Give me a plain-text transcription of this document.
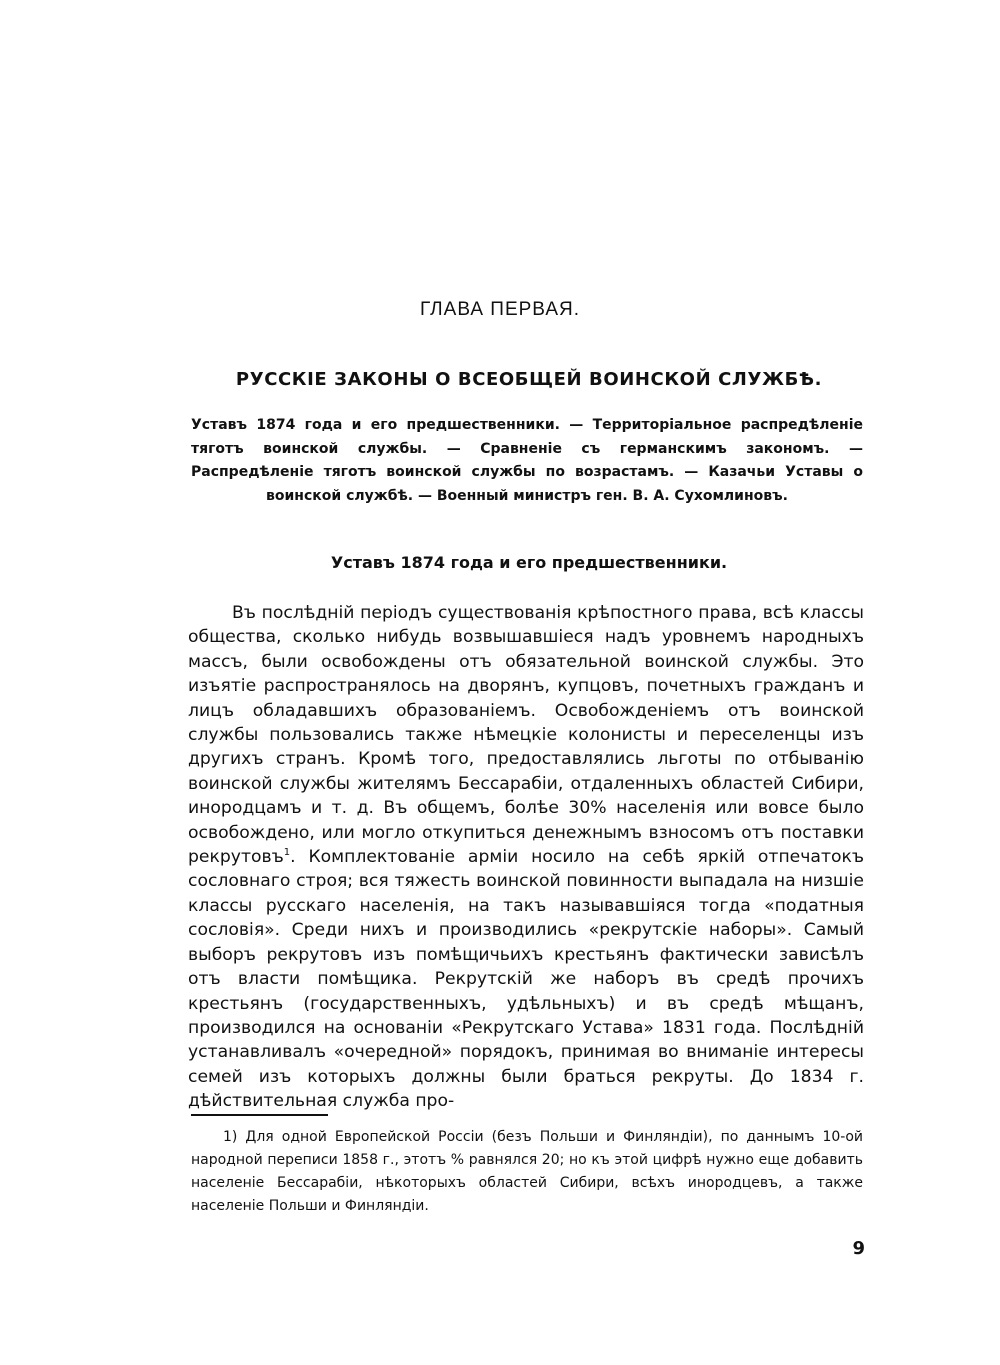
ГЛАВА ПЕРВАЯ.
РУССКІЕ ЗАКОНЫ О ВСЕОБЩЕЙ ВОИНСКОЙ СЛУЖБѢ.

Уставъ 1874 года и его предшественники. — Территоріальное распредѣленіе тяготъ воинской службы. — Сравненіе съ германскимъ закономъ. — Распредѣленіе тяготъ воинской службы по возрастамъ. — Казачьи Уставы о воинской службѣ. — Военный министръ ген. В. А. Сухомлиновъ.

Уставъ 1874 года и его предшественники.

Въ послѣдній періодъ существованія крѣпостного права, всѣ классы общества, сколько нибудь возвышавшіеся надъ уровнемъ народныхъ массъ, были освобождены отъ обязательной воинской службы. Это изъятіе распространялось на дворянъ, купцовъ, почетныхъ гражданъ и лицъ обладавшихъ образованіемъ. Освобожденіемъ отъ воинской службы пользовались также нѣмецкіе колонисты и переселенцы изъ другихъ странъ. Кромѣ того, предоставлялись льготы по отбыванію воинской службы жителямъ Бессарабіи, отдаленныхъ областей Сибири, инородцамъ и т. д. Въ общемъ, болѣе 30% населенія или вовсе было освобождено, или могло откупиться денежнымъ взносомъ отъ поставки рекрутовъ$^1$. Комплектованіе арміи носило на себѣ яркій отпечатокъ сословнаго строя; вся тяжесть воинской повинности выпадала на низшіе классы русскаго населенія, на такъ называвшіяся тогда «податныя сословія». Среди нихъ и производились «рекрутскіе наборы». Самый выборъ рекрутовъ изъ помѣщичьихъ крестьянъ фактически зависѣлъ отъ власти помѣщика. Рекрутскій же наборъ въ средѣ прочихъ крестьянъ (государственныхъ, удѣльныхъ) и въ средѣ мѣщанъ, производился на основаніи «Рекрутскаго Устава» 1831 года. Послѣдній устанавливалъ «очередной» порядокъ, принимая во вниманіе интересы семей изъ которыхъ должны были браться рекруты. До 1834 г. дѣйствительная служба про-

1) Для одной Европейской Россіи (безъ Польши и Финляндіи), по даннымъ 10-ой народной переписи 1858 г., этотъ % равнялся 20; но къ этой цифрѣ нужно еще добавить населеніе Бессарабіи, нѣкоторыхъ областей Сибири, всѣхъ инородцевъ, а также населеніе Польши и Финляндіи.

9
